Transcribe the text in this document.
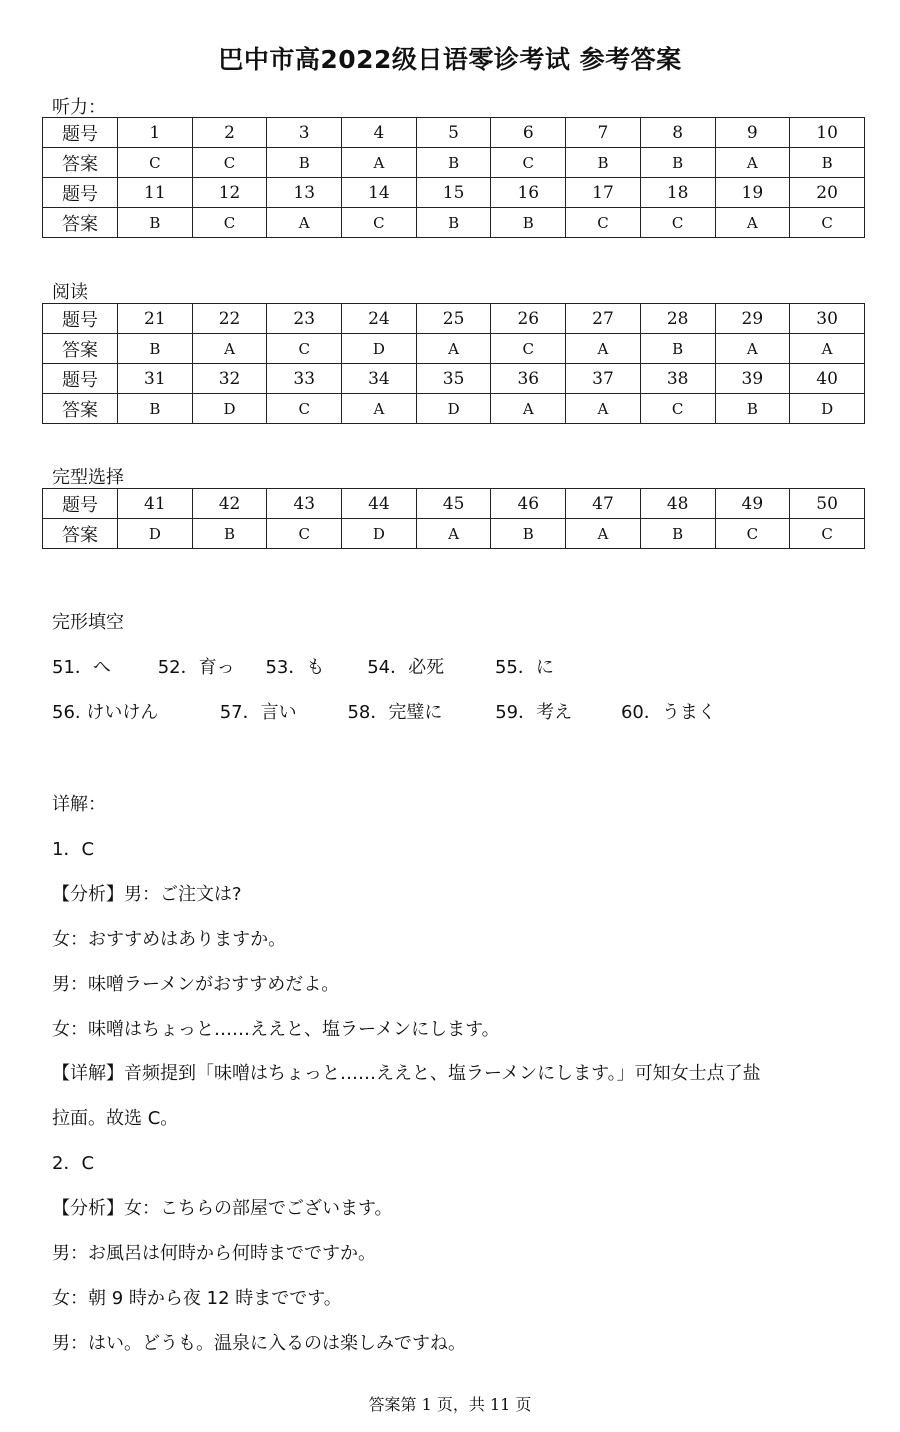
巴中市高2022级日语零诊考试 参考答案
听力：
题号	1	2	3	4	5	6	7	8	9	10
答案	C	C	B	A	B	C	B	B	A	B
题号	11	12	13	14	15	16	17	18	19	20
答案	B	C	A	C	B	B	C	C	A	C
阅读
题号	21	22	23	24	25	26	27	28	29	30
答案	B	A	C	D	A	C	A	B	A	A
题号	31	32	33	34	35	36	37	38	39	40
答案	B	D	C	A	D	A	A	C	B	D
完型选择
题号	41	42	43	44	45	46	47	48	49	50
答案	D	B	C	D	A	B	A	B	C	C
完形填空
51．へ	52．育っ 53．も 54．必死	55．に
56. けいけん	57．言い	58．完璧に	59．考え	60．うまく
详解：
1．C
【分析】男：ご注文は?
女：おすすめはありますか。
男：味噌ラーメンがおすすめだよ。
女：味噌はちょっと……ええと、塩ラーメンにします。
【详解】音频提到「味噌はちょっと……ええと、塩ラーメンにします。」可知女士点了盐
拉面。故选 C。
2．C
【分析】女：こちらの部屋でございます。
男：お風呂は何時から何時までですか。
女：朝 9 時から夜 12 時までです。
男：はい。どうも。温泉に入るのは楽しみですね。
答案第 1 页，共 11 页
